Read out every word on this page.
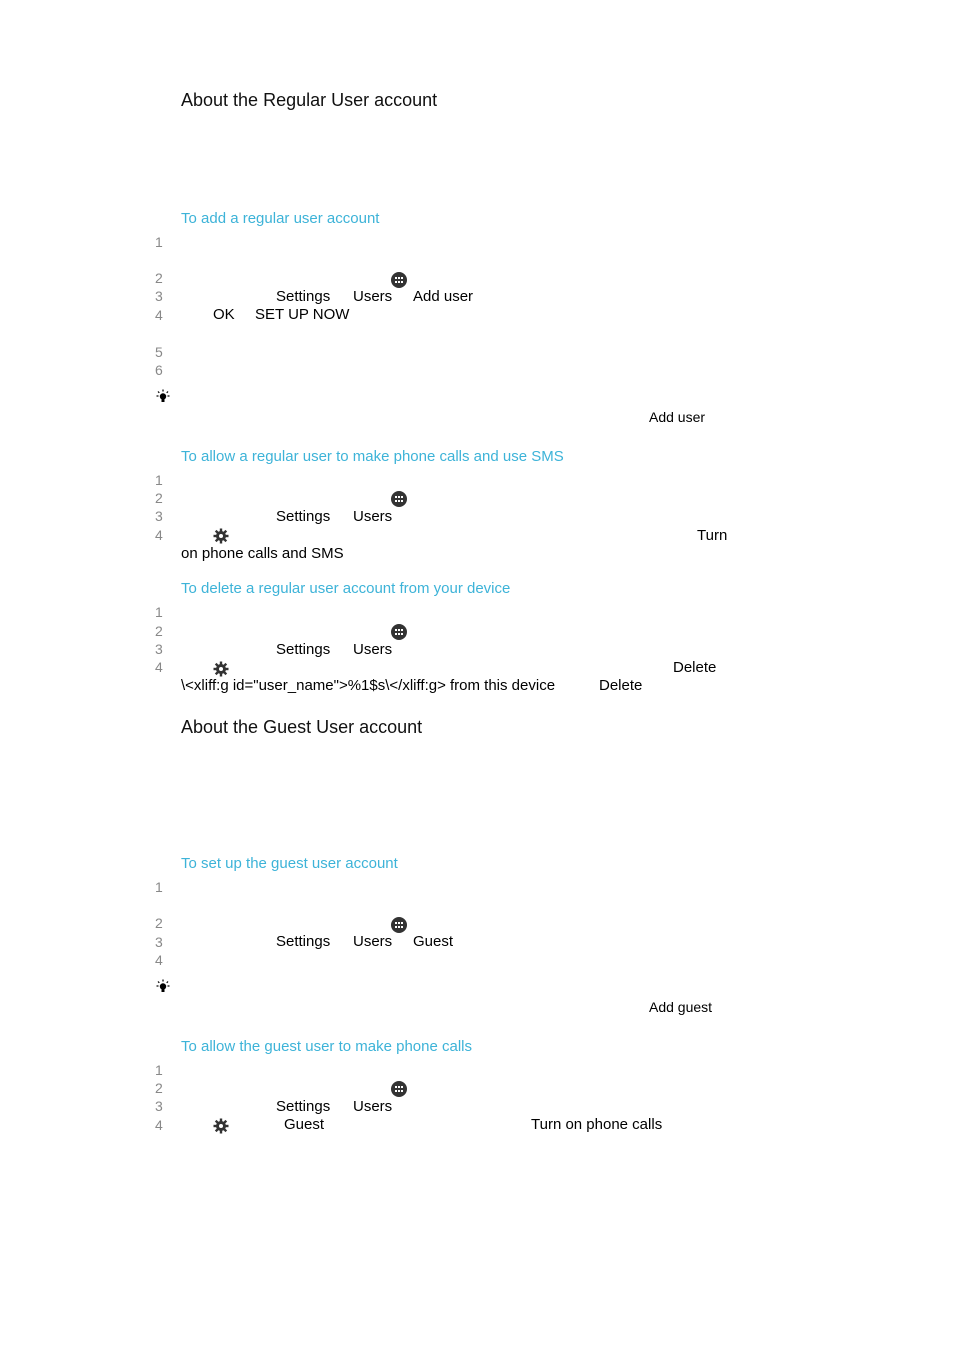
About the Regular User account
To add a regular user account
1
2
3	Settings Users Add user
4	OK SET UP NOW
5
6
Add user
To allow a regular user to make phone calls and use SMS
1
2
3	Settings Users
4	Turn
on phone calls and SMS
To delete a regular user account from your device
1
2
3	Settings Users
4	Delete
\<xliff:g id="user_name">%1$s\</xliff:g> from this device	Delete
About the Guest User account
To set up the guest user account
1
2
3	Settings Users Guest
4
Add guest
To allow the guest user to make phone calls
1
2
3	Settings Users
4	Guest	Turn on phone calls
